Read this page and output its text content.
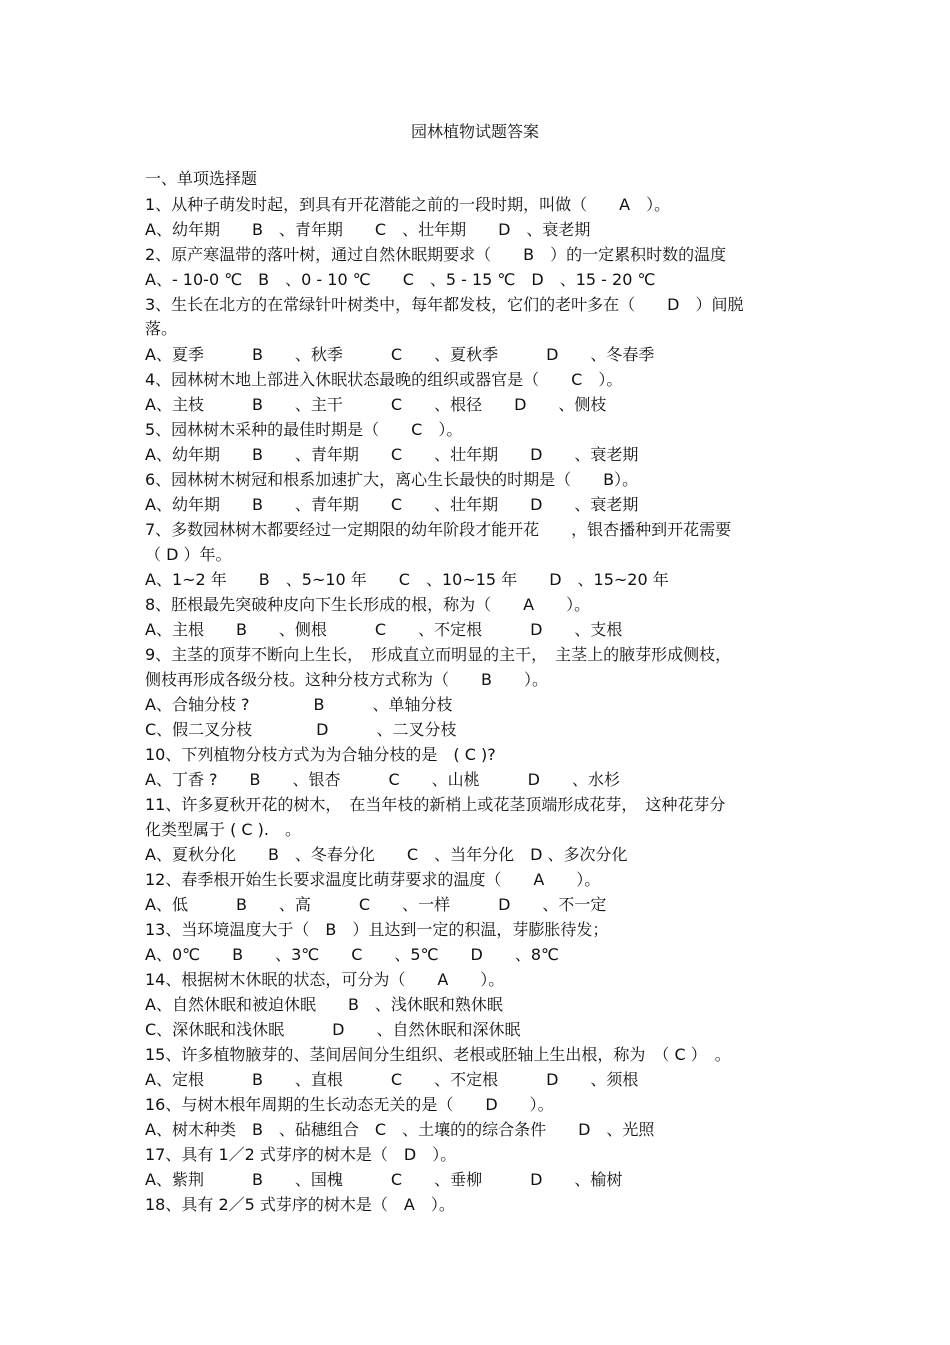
园林植物试题答案
一、单项选择题
1、从种子萌发时起，到具有开花潜能之前的一段时期，叫做（　　A　）。
A、幼年期　　B　、青年期　　C　、壮年期　　D　、衰老期
2、原产寒温带的落叶树，通过自然休眠期要求（　　B　）的一定累积时数的温度
A、- 10-0 ℃　B　、0 - 10 ℃　　C　、5 - 15 ℃　D　、15 - 20 ℃
3、生长在北方的在常绿针叶树类中，每年都发枝，它们的老叶多在（　　D　）间脱
落。
A、夏季　　　B　　、秋季　　　C　　、夏秋季　　　D　　、冬春季
4、园林树木地上部进入休眠状态最晚的组织或器官是（　　C　）。
A、主枝　　　B　　、主干　　　C　　、根径　　D　　、侧枝
5、园林树木采种的最佳时期是（　　C　）。
A、幼年期　　B　　、青年期　　C　　、壮年期　　D　　、衰老期
6、园林树木树冠和根系加速扩大，离心生长最快的时期是（　　B）。
A、幼年期　　B　　、青年期　　C　　、壮年期　　D　　、衰老期
7、多数园林树木都要经过一定期限的幼年阶段才能开花　　，银杏播种到开花需要
（ D ）年。
A、1~2 年　　B　、5~10 年　　C　、10~15 年　　D　、15~20 年
8、胚根最先突破种皮向下生长形成的根，称为（　　A　　）。
A、主根　　B　　、侧根　　　C　　、不定根　　　D　　、支根
9、主茎的顶芽不断向上生长，　形成直立而明显的主干，　主茎上的腋芽形成侧枝，
侧枝再形成各级分枝。这种分枝方式称为（　　B　　）。
A、合轴分枝 ?　　　　B　　　、单轴分枝
C、假二叉分枝　　　　D　　　、二叉分枝
10、下列植物分枝方式为为合轴分枝的是　( C )?
A、丁香 ?　　B　　、银杏　　　C　　、山桃　　　D　　、水杉
11、许多夏秋开花的树木，　在当年枝的新梢上或花茎顶端形成花芽，　这种花芽分
化类型属于 ( C ).　。
A、夏秋分化　　B　、冬春分化　　C　、当年分化　D 、多次分化
12、春季根开始生长要求温度比萌芽要求的温度（　　A　　）。
A、低　　　B　　、高　　　C　　、一样　　　D　　、不一定
13、当环境温度大于（　B　）且达到一定的积温，芽膨胀待发；
A、0℃　　B　　、3℃　　C　　、5℃　　D　　、8℃
14、根据树木休眠的状态，可分为（　　A　　）。
A、自然休眠和被迫休眠　　B　、浅休眠和熟休眠
C、深休眠和浅休眠　　　D　　、自然休眠和深休眠
15、许多植物腋芽的、茎间居间分生组织、老根或胚轴上生出根，称为　（ C ）　。
A、定根　　　B　　、直根　　　C　　、不定根　　　D　　、须根
16、与树木根年周期的生长动态无关的是（　　D　　）。
A、树木种类　B　、砧穗组合　C　、土壤的的综合条件　　D　、光照
17、具有 1／2 式芽序的树木是（　D　）。
A、紫荆　　　B　　、国槐　　　C　　、垂柳　　　D　　、榆树
18、具有 2／5 式芽序的树木是（　A　）。
